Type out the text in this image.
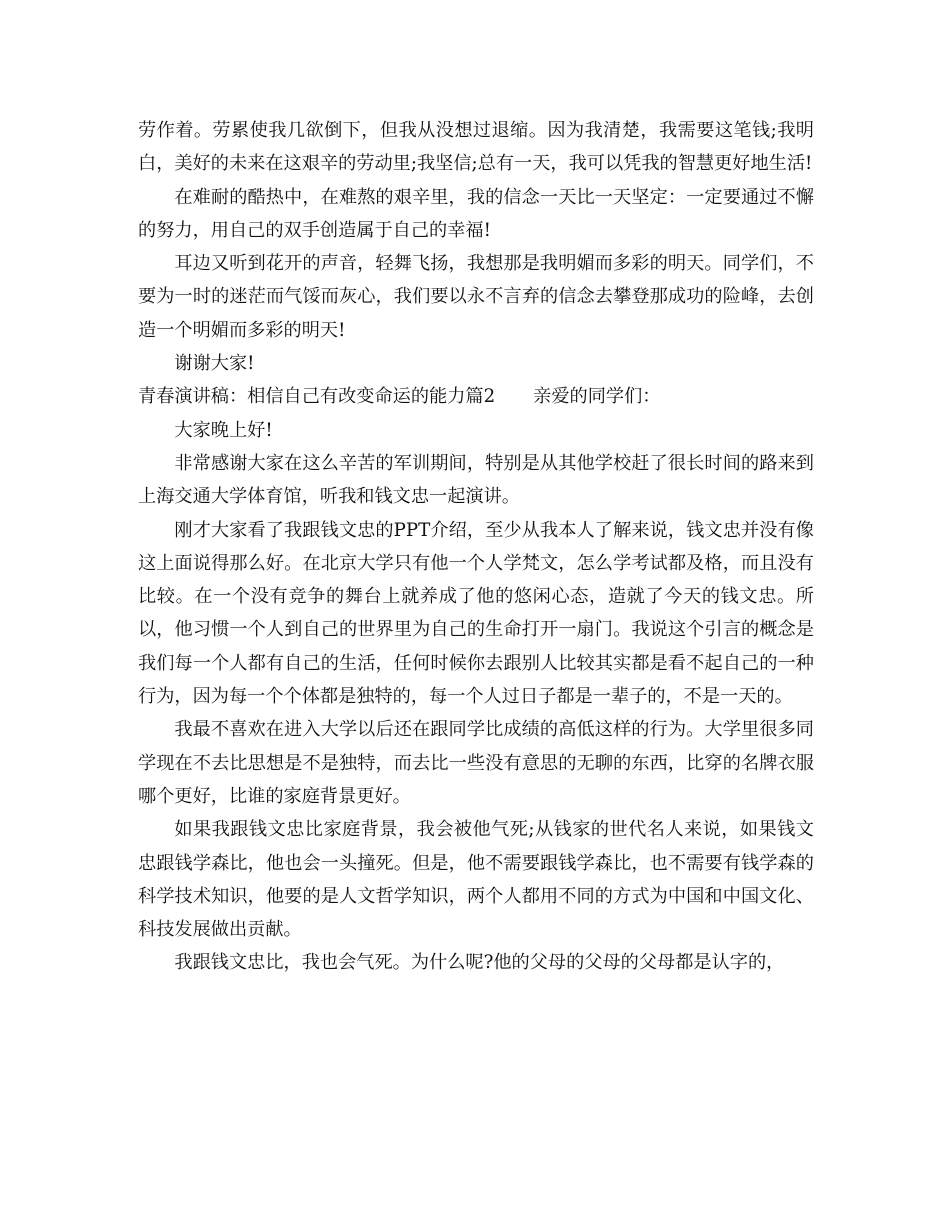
劳作着。劳累使我几欲倒下，但我从没想过退缩。因为我清楚，我需要这笔钱;我明白，美好的未来在这艰辛的劳动里;我坚信;总有一天，我可以凭我的智慧更好地生活!

在难耐的酷热中，在难熬的艰辛里，我的信念一天比一天坚定：一定要通过不懈的努力，用自己的双手创造属于自己的幸福!

耳边又听到花开的声音，轻舞飞扬，我想那是我明媚而多彩的明天。同学们，不要为一时的迷茫而气馁而灰心，我们要以永不言弃的信念去攀登那成功的险峰，去创造一个明媚而多彩的明天!

谢谢大家!

青春演讲稿：相信自己有改变命运的能力篇2 亲爱的同学们：

大家晚上好!

非常感谢大家在这么辛苦的军训期间，特别是从其他学校赶了很长时间的路来到上海交通大学体育馆，听我和钱文忠一起演讲。

刚才大家看了我跟钱文忠的PPT介绍，至少从我本人了解来说，钱文忠并没有像这上面说得那么好。在北京大学只有他一个人学梵文，怎么学考试都及格，而且没有比较。在一个没有竞争的舞台上就养成了他的悠闲心态，造就了今天的钱文忠。所以，他习惯一个人到自己的世界里为自己的生命打开一扇门。我说这个引言的概念是我们每一个人都有自己的生活，任何时候你去跟别人比较其实都是看不起自己的一种行为，因为每一个个体都是独特的，每一个人过日子都是一辈子的，不是一天的。

我最不喜欢在进入大学以后还在跟同学比成绩的高低这样的行为。大学里很多同学现在不去比思想是不是独特，而去比一些没有意思的无聊的东西，比穿的名牌衣服哪个更好，比谁的家庭背景更好。

如果我跟钱文忠比家庭背景，我会被他气死;从钱家的世代名人来说，如果钱文忠跟钱学森比，他也会一头撞死。但是，他不需要跟钱学森比，也不需要有钱学森的科学技术知识，他要的是人文哲学知识，两个人都用不同的方式为中国和中国文化、科技发展做出贡献。

我跟钱文忠比，我也会气死。为什么呢?他的父母的父母的父母都是认字的，
